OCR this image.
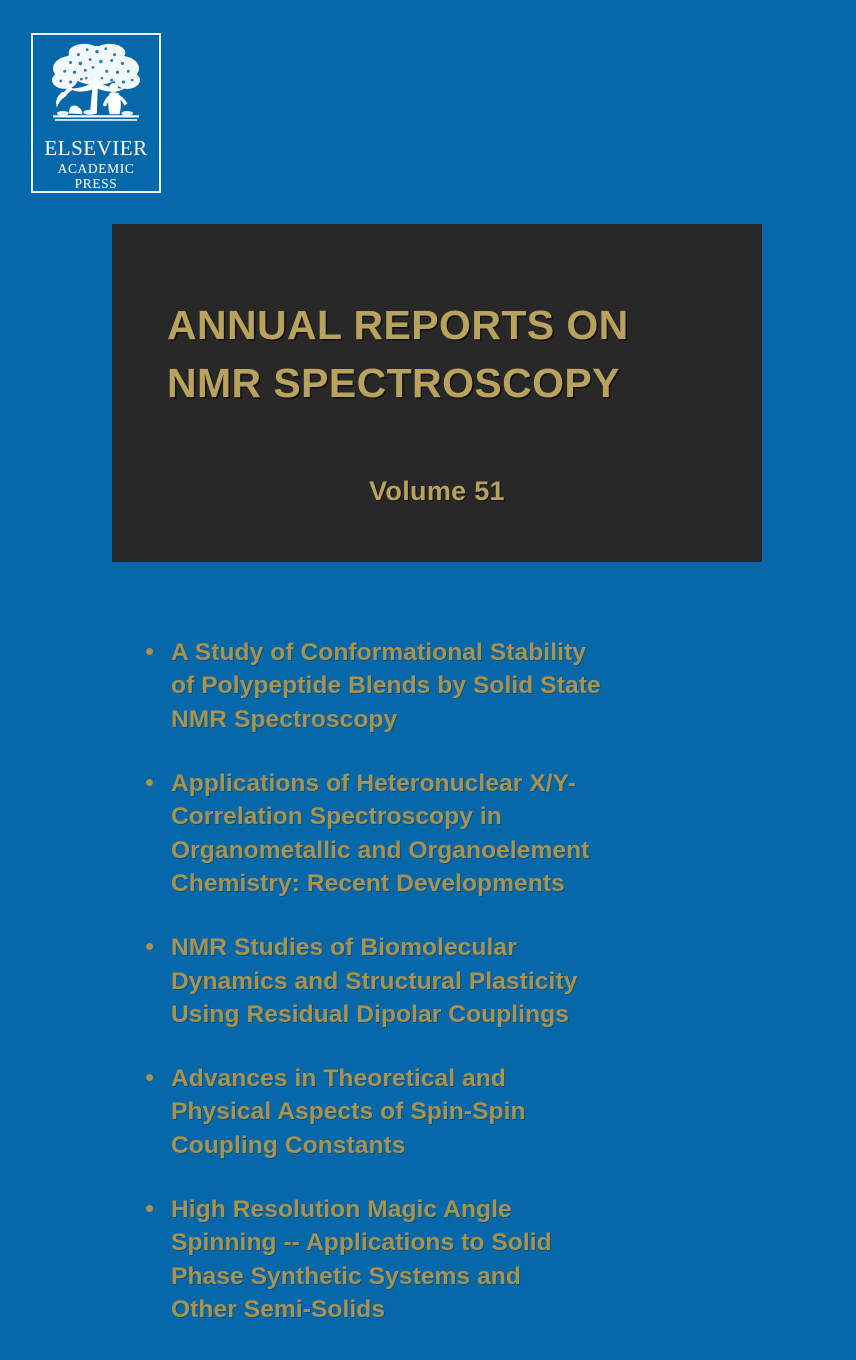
ELSEVIER
ACADEMIC
PRESS
ANNUAL REPORTS ON
NMR SPECTROSCOPY
Volume 51
A Study of Conformational Stability
of Polypeptide Blends by Solid State
NMR Spectroscopy
Applications of Heteronuclear X/Y-
Correlation Spectroscopy in
Organometallic and Organoelement
Chemistry: Recent Developments
NMR Studies of Biomolecular
Dynamics and Structural Plasticity
Using Residual Dipolar Couplings
Advances in Theoretical and
Physical Aspects of Spin-Spin
Coupling Constants
High Resolution Magic Angle
Spinning -- Applications to Solid
Phase Synthetic Systems and
Other Semi-Solids
